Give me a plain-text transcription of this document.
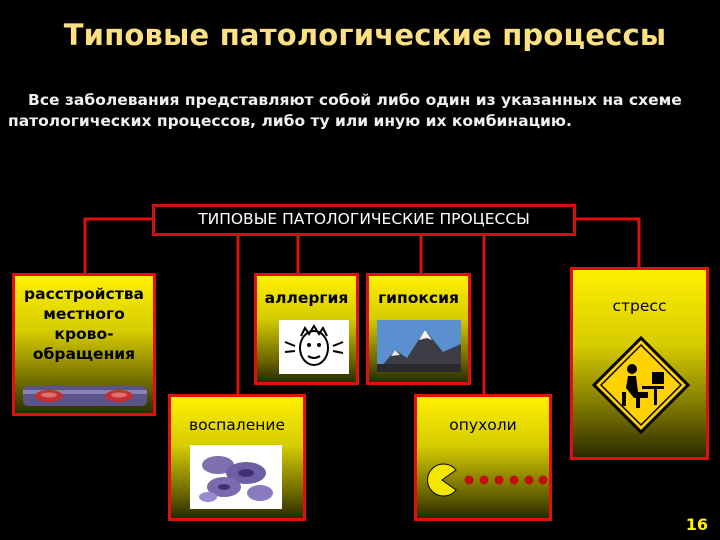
Типовые патологические процессы
Все заболевания представляют собой либо один из указанных на схеме патологических процессов, либо ту или иную их комбинацию.
ТИПОВЫЕ ПАТОЛОГИЧЕСКИЕ ПРОЦЕССЫ
расстройства местного крово-обращения
аллергия	гипоксия	стресс
воспаление	опухоли
16
